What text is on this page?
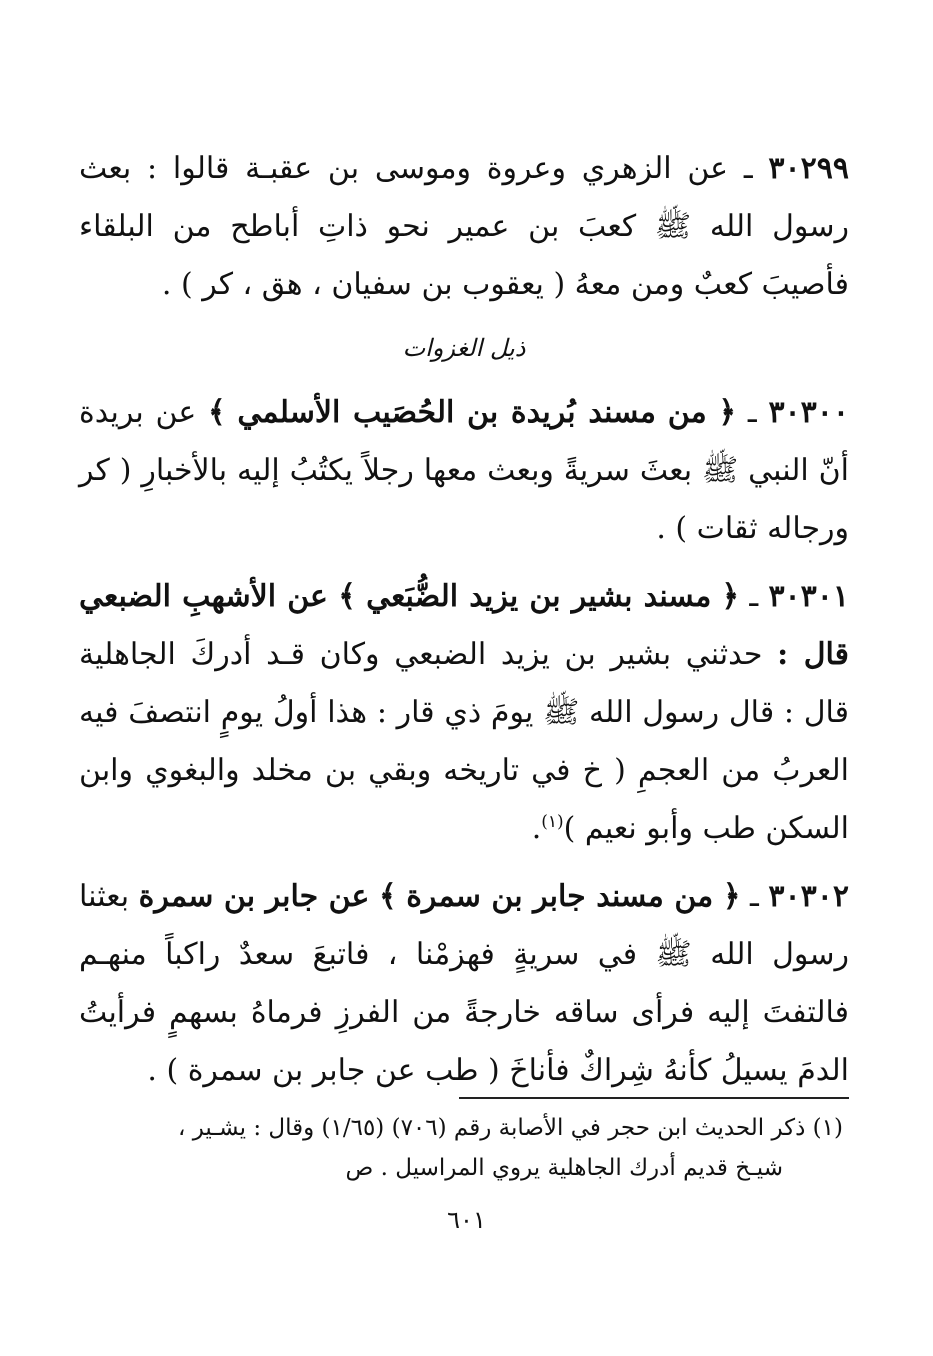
٣٠٢٩٩ ـ عن الزهري وعروة وموسى بن عقبـة قالوا : بعث رسول الله ﷺ كعبَ بن عمير نحو ذاتِ أباطح من البلقاء فأصيبَ كعبٌ ومن معهُ ( يعقوب بن سفيان ، هق ، كر ) .

ذيل الغزوات

٣٠٣٠٠ ـ ﴿ من مسند بُريدة بن الحُصَيب الأسلمي ﴾ عن بريدة أنّ النبي ﷺ بعثَ سريةً وبعث معها رجلاً يكتُبُ إليه بالأخبارِ ( كر ورجاله ثقات ) .

٣٠٣٠١ ـ ﴿ مسند بشير بن يزيد الضُّبَعي ﴾ عن الأشهبِ الضبعي قال : حدثني بشير بن يزيد الضبعي وكان قـد أدركَ الجاهلية قال : قال رسول الله ﷺ يومَ ذي قار : هذا أولُ يومٍ انتصفَ فيه العربُ من العجمِ ( خ في تاريخه وبقي بن مخلد والبغوي وابن السكن طب وأبو نعيم )$^{(١)}$.

٣٠٣٠٢ ـ ﴿ من مسند جابر بن سمرة ﴾ عن جابر بن سمرة بعثنا رسول الله ﷺ في سريةٍ فهزمْنا ، فاتبعَ سعدٌ راكباً منهـم فالتفتَ إليه فرأى ساقه خارجةً من الفرزِ فرماهُ بسهمٍ فرأيتُ الدمَ يسيلُ كأنهُ شِراكٌ فأناخَ ( طب عن جابر بن سمرة ) .

(١) ذكر الحديث ابن حجر في الأصابة رقم (٧٠٦) (١/٦٥) وقال : يشـير ،
شيـخ قديم أدرك الجاهلية يروي المراسيل . ص
٦٠١
